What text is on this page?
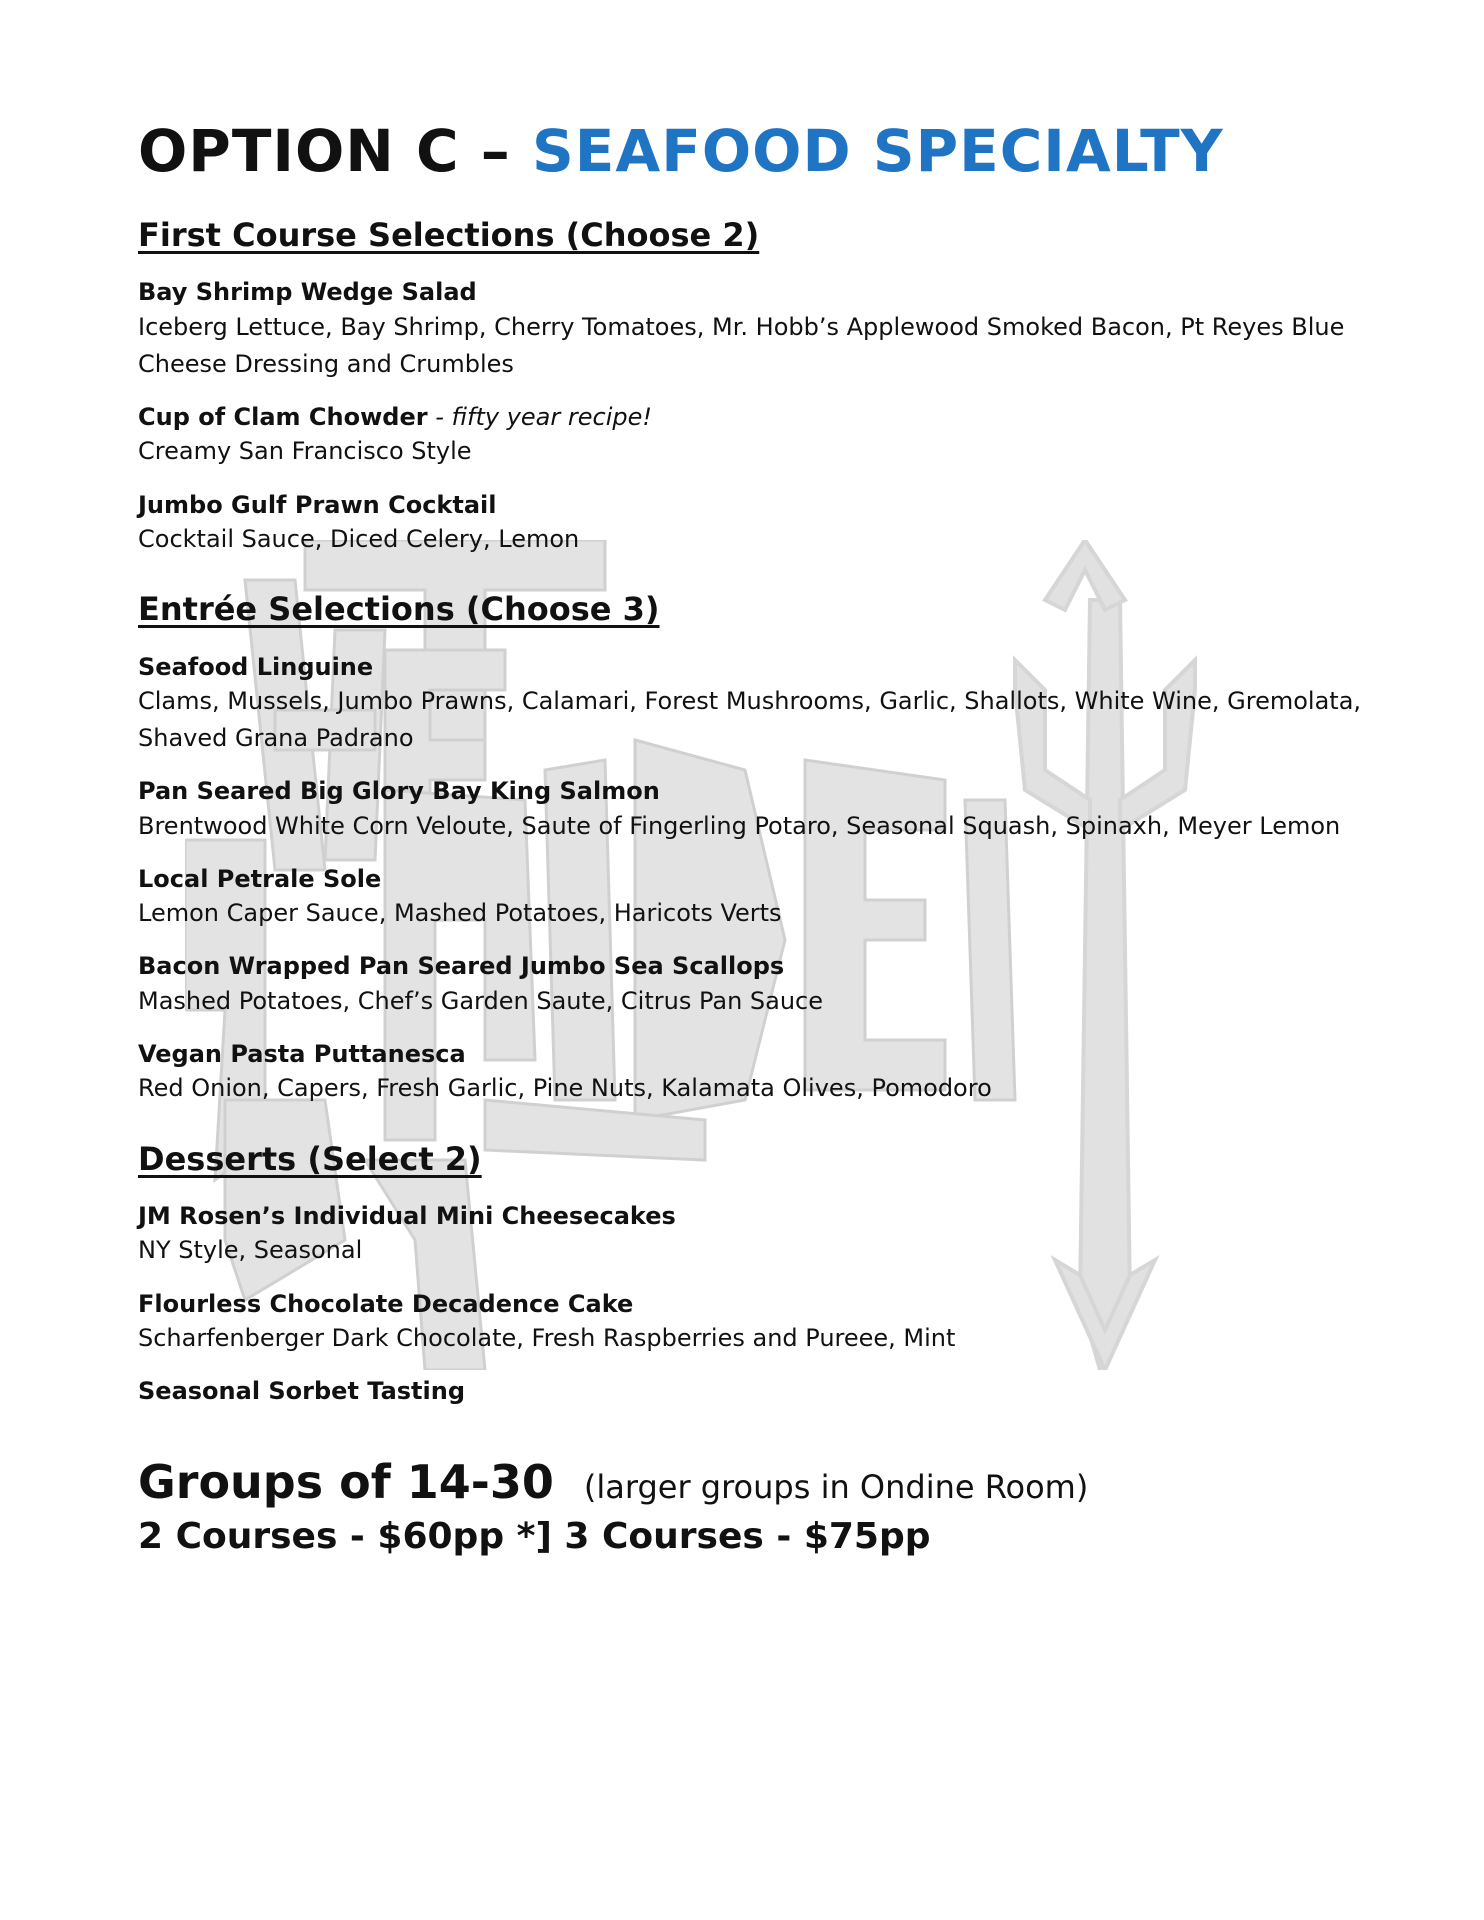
OPTION C – SEAFOOD SPECIALTY
First Course Selections (Choose 2)
Bay Shrimp Wedge Salad
Iceberg Lettuce, Bay Shrimp, Cherry Tomatoes, Mr. Hobb’s Applewood Smoked Bacon, Pt Reyes Blue Cheese Dressing and Crumbles
Cup of Clam Chowder - fifty year recipe!
Creamy San Francisco Style
Jumbo Gulf Prawn Cocktail
Cocktail Sauce, Diced Celery, Lemon
Entrée Selections (Choose 3)
Seafood Linguine
Clams, Mussels, Jumbo Prawns, Calamari, Forest Mushrooms, Garlic, Shallots, White Wine, Gremolata, Shaved Grana Padrano
Pan Seared Big Glory Bay King Salmon
Brentwood White Corn Veloute, Saute of Fingerling Potaro, Seasonal Squash, Spinaxh, Meyer Lemon
Local Petrale Sole
Lemon Caper Sauce, Mashed Potatoes, Haricots Verts
Bacon Wrapped Pan Seared Jumbo Sea Scallops
Mashed Potatoes, Chef’s Garden Saute, Citrus Pan Sauce
Vegan Pasta Puttanesca
Red Onion, Capers, Fresh Garlic, Pine Nuts, Kalamata Olives, Pomodoro
Desserts (Select 2)
JM Rosen’s Individual Mini Cheesecakes
NY Style, Seasonal
Flourless Chocolate Decadence Cake
Scharfenberger Dark Chocolate, Fresh Raspberries and Pureee, Mint
Seasonal Sorbet Tasting
Groups of 14-30 (larger groups in Ondine Room)
2 Courses - $60pp *] 3 Courses - $75pp
